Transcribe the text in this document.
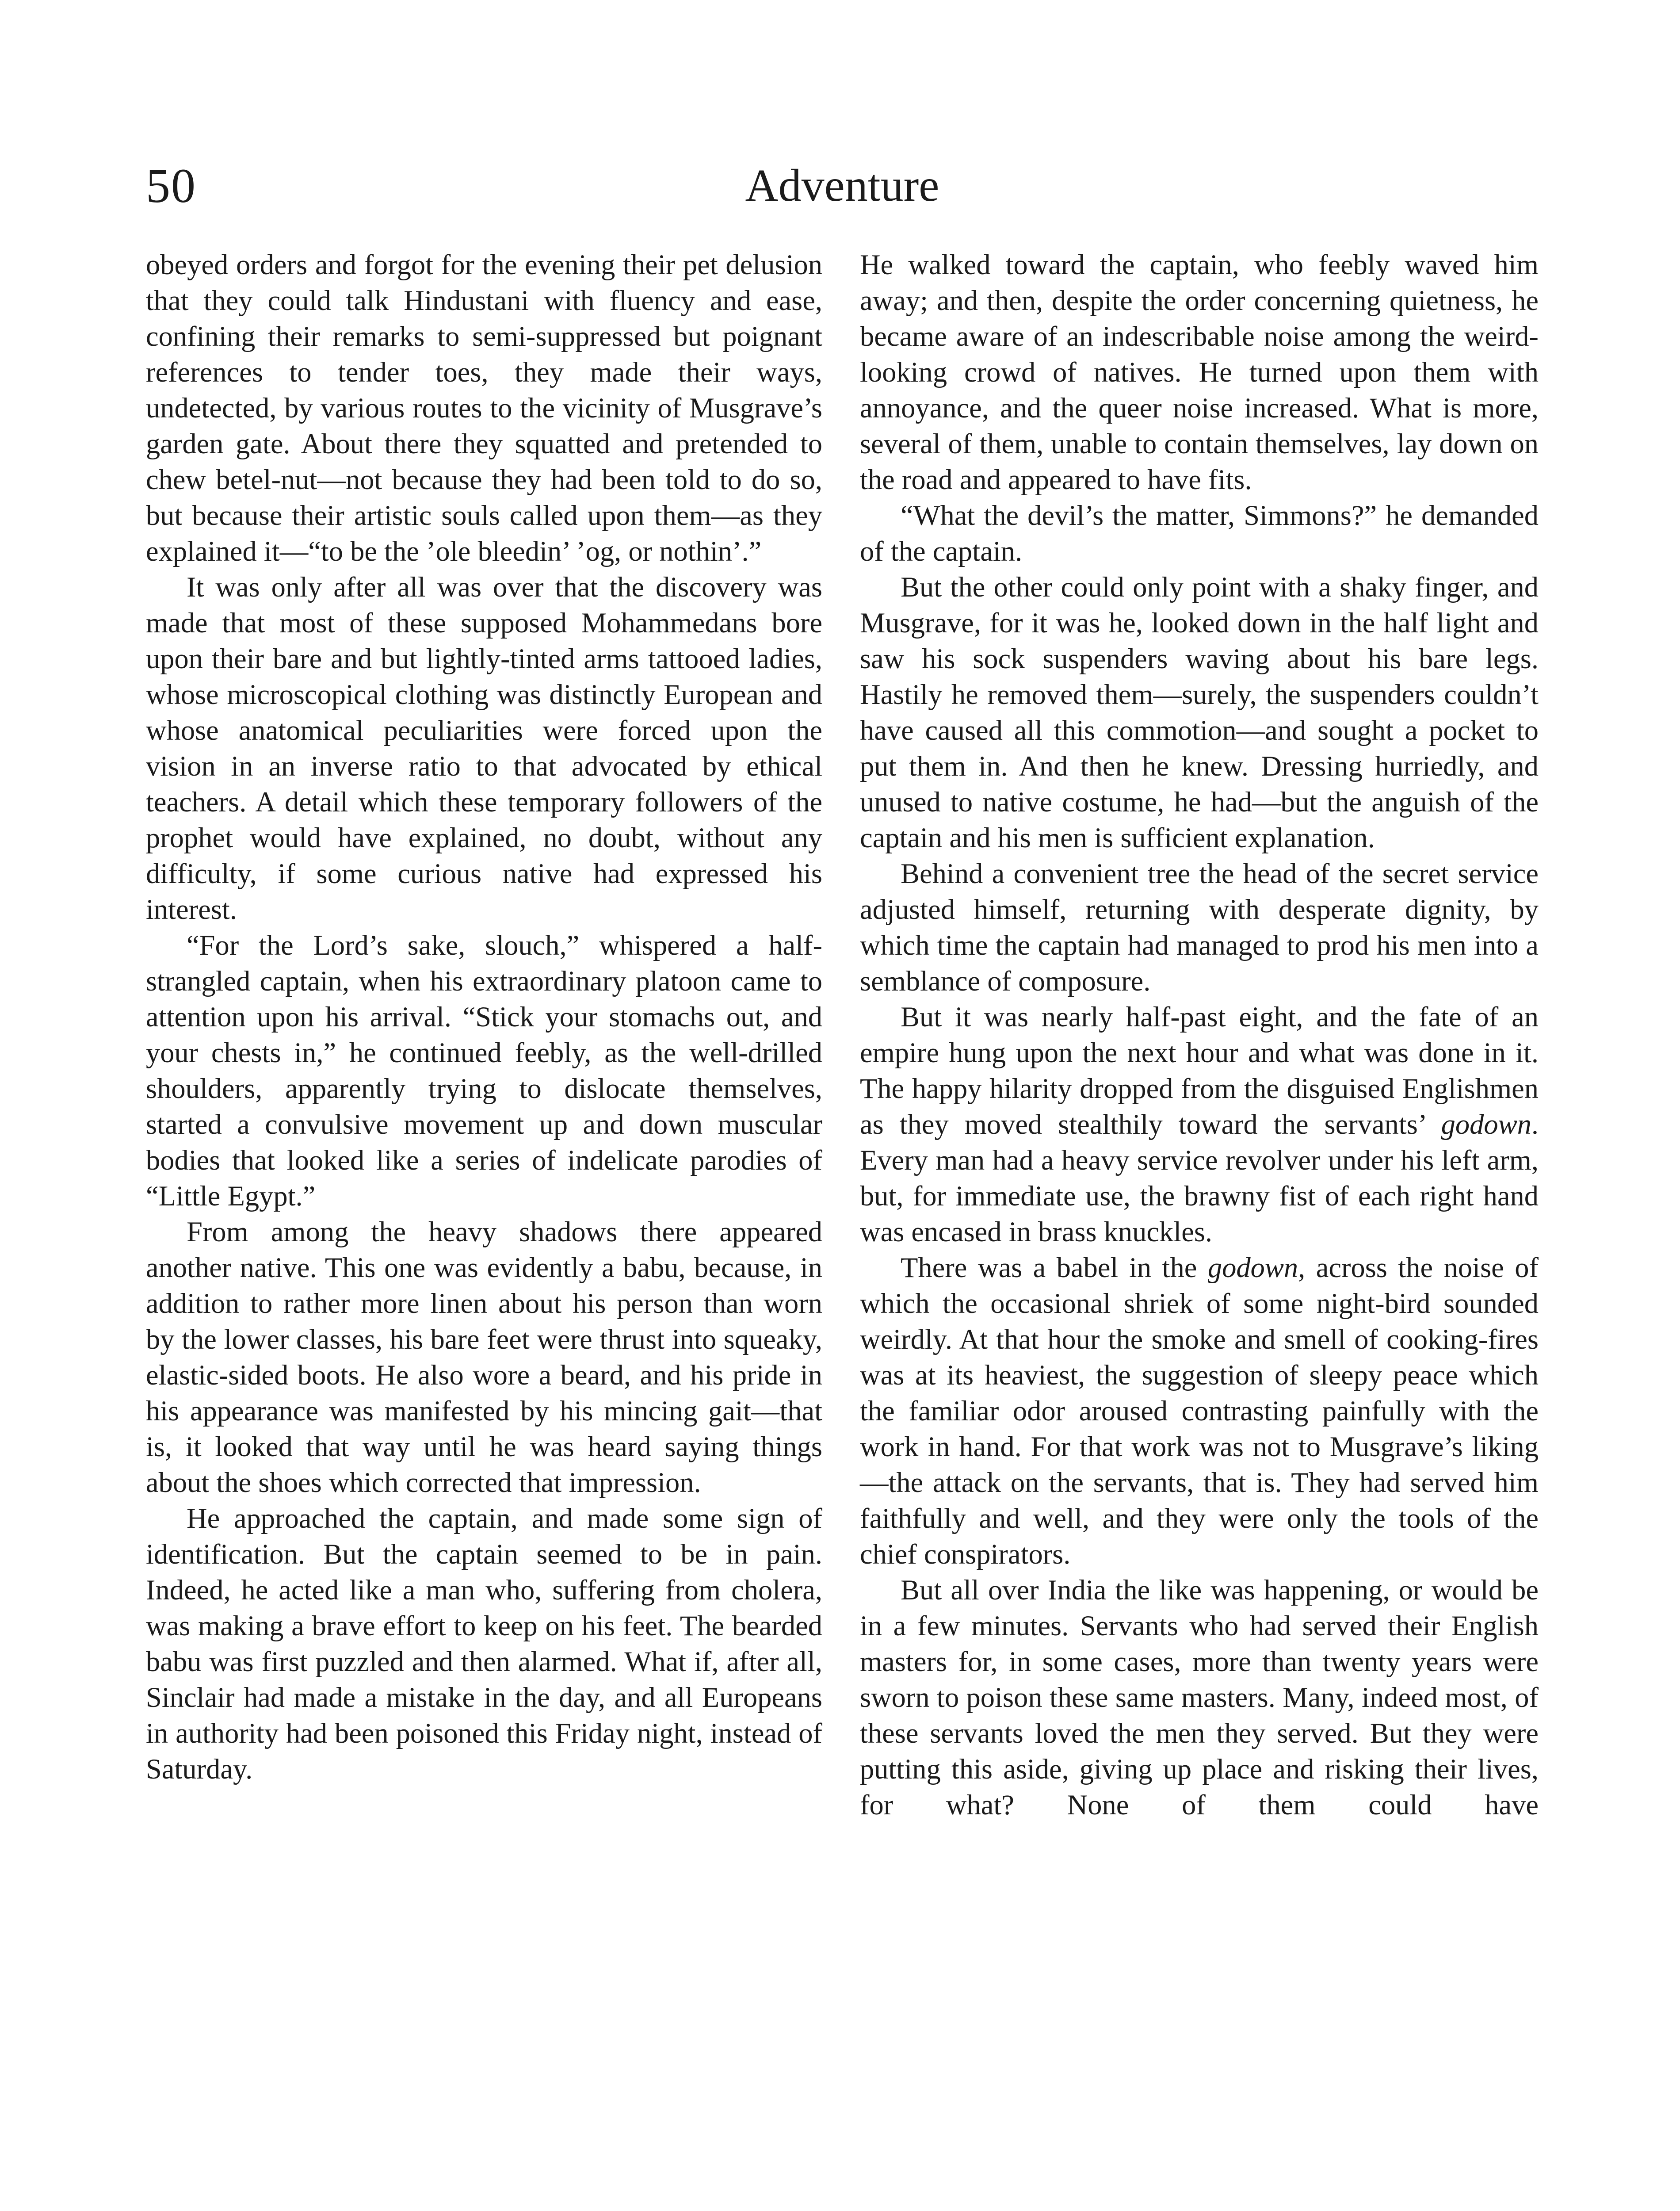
50	Adventure

obeyed orders and forgot for the evening their pet delusion that they could talk Hindustani with fluency and ease, confining their remarks to semi-suppressed but poignant references to tender toes, they made their ways, undetected, by various routes to the vicinity of Musgrave’s garden gate. About there they squatted and pretended to chew betel-nut—not because they had been told to do so, but because their artistic souls called upon them—as they explained it—“to be the ’ole bleedin’ ’og, or nothin’.”

It was only after all was over that the discovery was made that most of these supposed Mohammedans bore upon their bare and but lightly-tinted arms tattooed ladies, whose microscopical clothing was distinctly European and whose anatomical peculiarities were forced upon the vision in an inverse ratio to that advocated by ethical teachers. A detail which these temporary followers of the prophet would have explained, no doubt, without any difficulty, if some curious native had expressed his interest.

“For the Lord’s sake, slouch,” whispered a half-strangled captain, when his extraordinary platoon came to attention upon his arrival. “Stick your stomachs out, and your chests in,” he continued feebly, as the well-drilled shoulders, apparently trying to dislocate themselves, started a convulsive movement up and down muscular bodies that looked like a series of indelicate parodies of “Little Egypt.”

From among the heavy shadows there appeared another native. This one was evidently a babu, because, in addition to rather more linen about his person than worn by the lower classes, his bare feet were thrust into squeaky, elastic-sided boots. He also wore a beard, and his pride in his appearance was manifested by his mincing gait—that is, it looked that way until he was heard saying things about the shoes which corrected that impression.

He approached the captain, and made some sign of identification. But the captain seemed to be in pain. Indeed, he acted like a man who, suffering from cholera, was making a brave effort to keep on his feet. The bearded babu was first puzzled and then alarmed. What if, after all, Sinclair had made a mistake in the day, and all Europeans in authority had been poisoned this Friday night, instead of Saturday.

He walked toward the captain, who feebly waved him away; and then, despite the order concerning quietness, he became aware of an indescribable noise among the weird-looking crowd of natives. He turned upon them with annoyance, and the queer noise increased. What is more, several of them, unable to contain themselves, lay down on the road and appeared to have fits.

“What the devil’s the matter, Simmons?” he demanded of the captain.

But the other could only point with a shaky finger, and Musgrave, for it was he, looked down in the half light and saw his sock suspenders waving about his bare legs. Hastily he removed them—surely, the suspenders couldn’t have caused all this commotion—and sought a pocket to put them in. And then he knew. Dressing hurriedly, and unused to native costume, he had—but the anguish of the captain and his men is sufficient explanation.

Behind a convenient tree the head of the secret service adjusted himself, returning with desperate dignity, by which time the captain had managed to prod his men into a semblance of composure.

But it was nearly half-past eight, and the fate of an empire hung upon the next hour and what was done in it. The happy hilarity dropped from the disguised Englishmen as they moved stealthily toward the servants’ godown. Every man had a heavy service revolver under his left arm, but, for immediate use, the brawny fist of each right hand was encased in brass knuckles.

There was a babel in the godown, across the noise of which the occasional shriek of some night-bird sounded weirdly. At that hour the smoke and smell of cooking-fires was at its heaviest, the suggestion of sleepy peace which the familiar odor aroused contrasting painfully with the work in hand. For that work was not to Musgrave’s liking—the attack on the servants, that is. They had served him faithfully and well, and they were only the tools of the chief conspirators.

But all over India the like was happening, or would be in a few minutes. Servants who had served their English masters for, in some cases, more than twenty years were sworn to poison these same masters. Many, indeed most, of these servants loved the men they served. But they were putting this aside, giving up place and risking their lives, for what? None of them could have
